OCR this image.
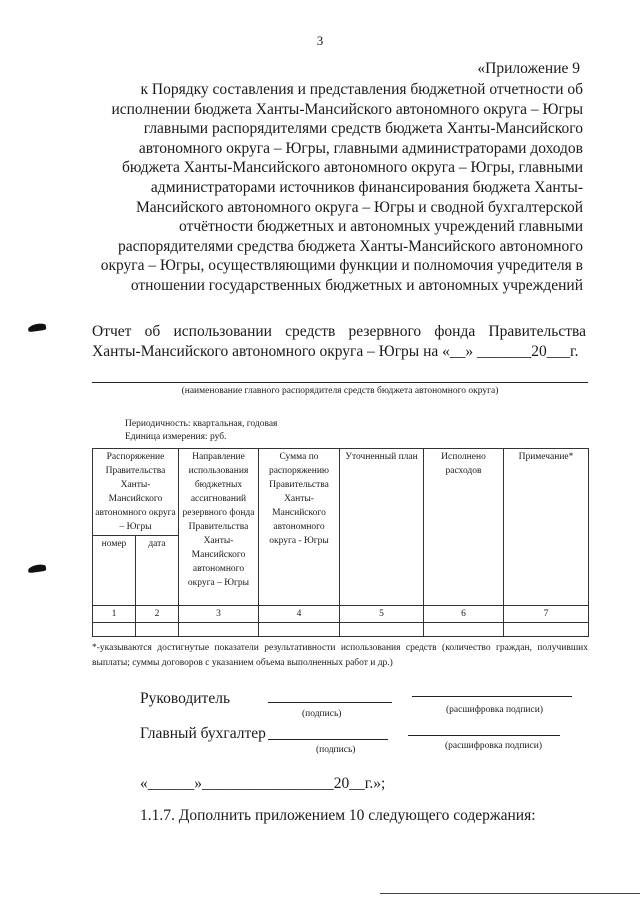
3
«Приложение 9
к Порядку составления и представления бюджетной отчетности об
исполнении бюджета Ханты-Мансийского автономного округа – Югры
главными распорядителями средств бюджета Ханты-Мансийского
автономного округа – Югры, главными администраторами доходов
бюджета Ханты-Мансийского автономного округа – Югры, главными
администраторами источников финансирования бюджета Ханты-
Мансийского автономного округа – Югры и сводной бухгалтерской
отчётности бюджетных и автономных учреждений главными
распорядителями средства бюджета Ханты-Мансийского автономного
округа – Югры, осуществляющими функции и полномочия учредителя в
отношении государственных бюджетных и автономных учреждений
Отчет об использовании средств резервного фонда Правительства
Ханты-Мансийского автономного округа – Югры на «__» _______20___г.
(наименование главного распорядителя средств бюджета автономного округа)
Периодичность: квартальная, годовая
Единица измерения: руб.
Распоряжение Правительства Ханты-Мансийского автономного округа – Югры		Направление использования бюджетных ассигнований резервного фонда Правительства Ханты-Мансийского автономного округа – Югры	Сумма по распоряжению Правительства Ханты-Мансийского автономного округа - Югры	Уточненный план	Исполнено расходов	Примечание*
номер	дата					
1	2	3	4	5	6	7

*-указываются достигнутые показатели результативности использования средств (количество граждан, получивших выплаты; суммы договоров с указанием объема выполненных работ и др.)
Руководитель
(подпись)	(расшифровка подписи)
Главный бухгалтер
(подпись)	(расшифровка подписи)
«______»_________________20__г.»;
1.1.7. Дополнить приложением 10 следующего содержания:
